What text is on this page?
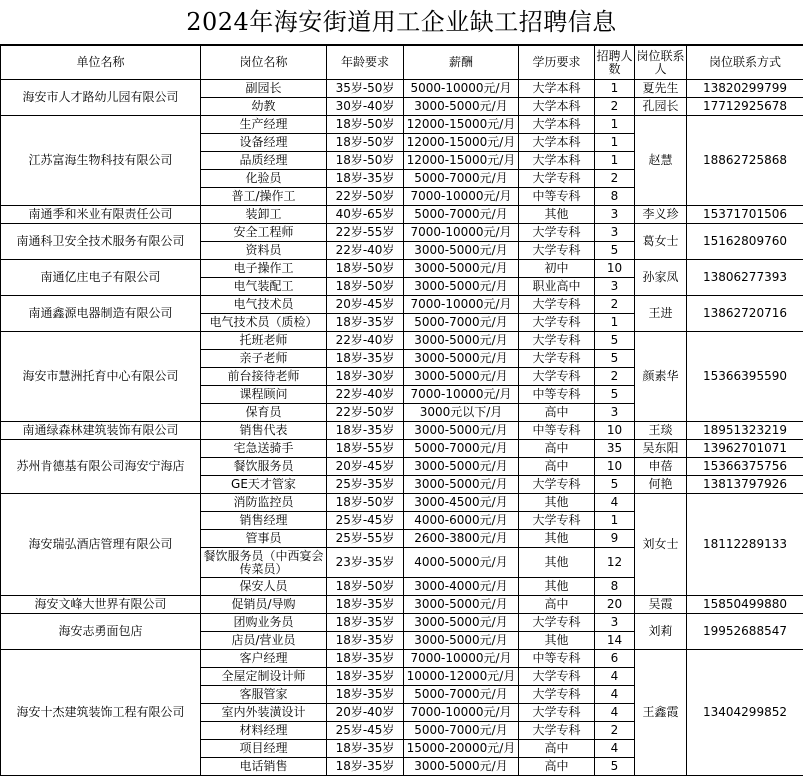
2024年海安街道用工企业缺工招聘信息
单位名称	岗位名称	年龄要求	薪酬	学历要求	招聘人数	岗位联系人	岗位联系方式
海安市人才路幼儿园有限公司	副园长	35岁-50岁	5000-10000元/月	大学本科	1	夏先生	13820299799
	幼教	30岁-40岁	3000-5000元/月	大学本科	2	孔园长	17712925678
江苏富海生物科技有限公司	生产经理	18岁-50岁	12000-15000元/月	大学本科	1	赵慧	18862725868
	设备经理	18岁-50岁	12000-15000元/月	大学本科	1		
	品质经理	18岁-50岁	12000-15000元/月	大学本科	1		
	化验员	18岁-35岁	5000-7000元/月	大学专科	2		
	普工/操作工	22岁-50岁	7000-10000元/月	中等专科	8		
南通季和米业有限责任公司	装卸工	40岁-65岁	5000-7000元/月	其他	3	李义珍	15371701506
南通科卫安全技术服务有限公司	安全工程师	22岁-55岁	7000-10000元/月	大学专科	3	葛女士	15162809760
	资料员	22岁-40岁	3000-5000元/月	大学专科	5		
南通亿庄电子有限公司	电子操作工	18岁-50岁	3000-5000元/月	初中	10	孙家凤	13806277393
	电气装配工	18岁-50岁	3000-5000元/月	职业高中	3		
南通鑫源电器制造有限公司	电气技术员	20岁-45岁	7000-10000元/月	大学专科	2	王进	13862720716
	电气技术员（质检）	18岁-35岁	5000-7000元/月	大学专科	1		
海安市慧洲托育中心有限公司	托班老师	22岁-40岁	3000-5000元/月	大学专科	5	颜素华	15366395590
	亲子老师	18岁-35岁	3000-5000元/月	大学专科	5		
	前台接待老师	18岁-30岁	3000-5000元/月	大学专科	2		
	课程顾问	22岁-40岁	7000-10000元/月	中等专科	5		
	保育员	22岁-50岁	3000元以下/月	高中	3		
南通绿森林建筑装饰有限公司	销售代表	18岁-35岁	3000-5000元/月	中等专科	10	王琰	18951323219
苏州肯德基有限公司海安宁海店	宅急送骑手	18岁-55岁	5000-7000元/月	高中	35	吴东阳	13962701071
	餐饮服务员	20岁-45岁	3000-5000元/月	高中	10	申蓓	15366375756
	GE天才管家	25岁-35岁	3000-5000元/月	大学专科	5	何艳	13813797926
海安瑞弘酒店管理有限公司	消防监控员	18岁-50岁	3000-4500元/月	其他	4	刘女士	18112289133
	销售经理	25岁-45岁	4000-6000元/月	大学专科	1		
	管事员	25岁-55岁	2600-3800元/月	其他	9		
	餐饮服务员（中西宴会传菜员）	23岁-35岁	4000-5000元/月	其他	12		
	保安人员	18岁-50岁	3000-4000元/月	其他	8		
海安文峰大世界有限公司	促销员/导购	18岁-35岁	3000-5000元/月	高中	20	吴霞	15850499880
海安志勇面包店	团购业务员	18岁-35岁	3000-5000元/月	大学专科	3	刘莉	19952688547
	店员/营业员	18岁-35岁	3000-5000元/月	其他	14		
海安十杰建筑装饰工程有限公司	客户经理	18岁-35岁	7000-10000元/月	中等专科	6	王鑫霞	13404299852
	全屋定制设计师	18岁-35岁	10000-12000元/月	大学专科	4		
	客服管家	18岁-35岁	5000-7000元/月	大学专科	4		
	室内外装潢设计	20岁-40岁	7000-10000元/月	大学专科	4		
	材料经理	25岁-45岁	5000-7000元/月	大学专科	2		
	项目经理	18岁-35岁	15000-20000元/月	高中	4		
	电话销售	18岁-35岁	3000-5000元/月	高中	5		
